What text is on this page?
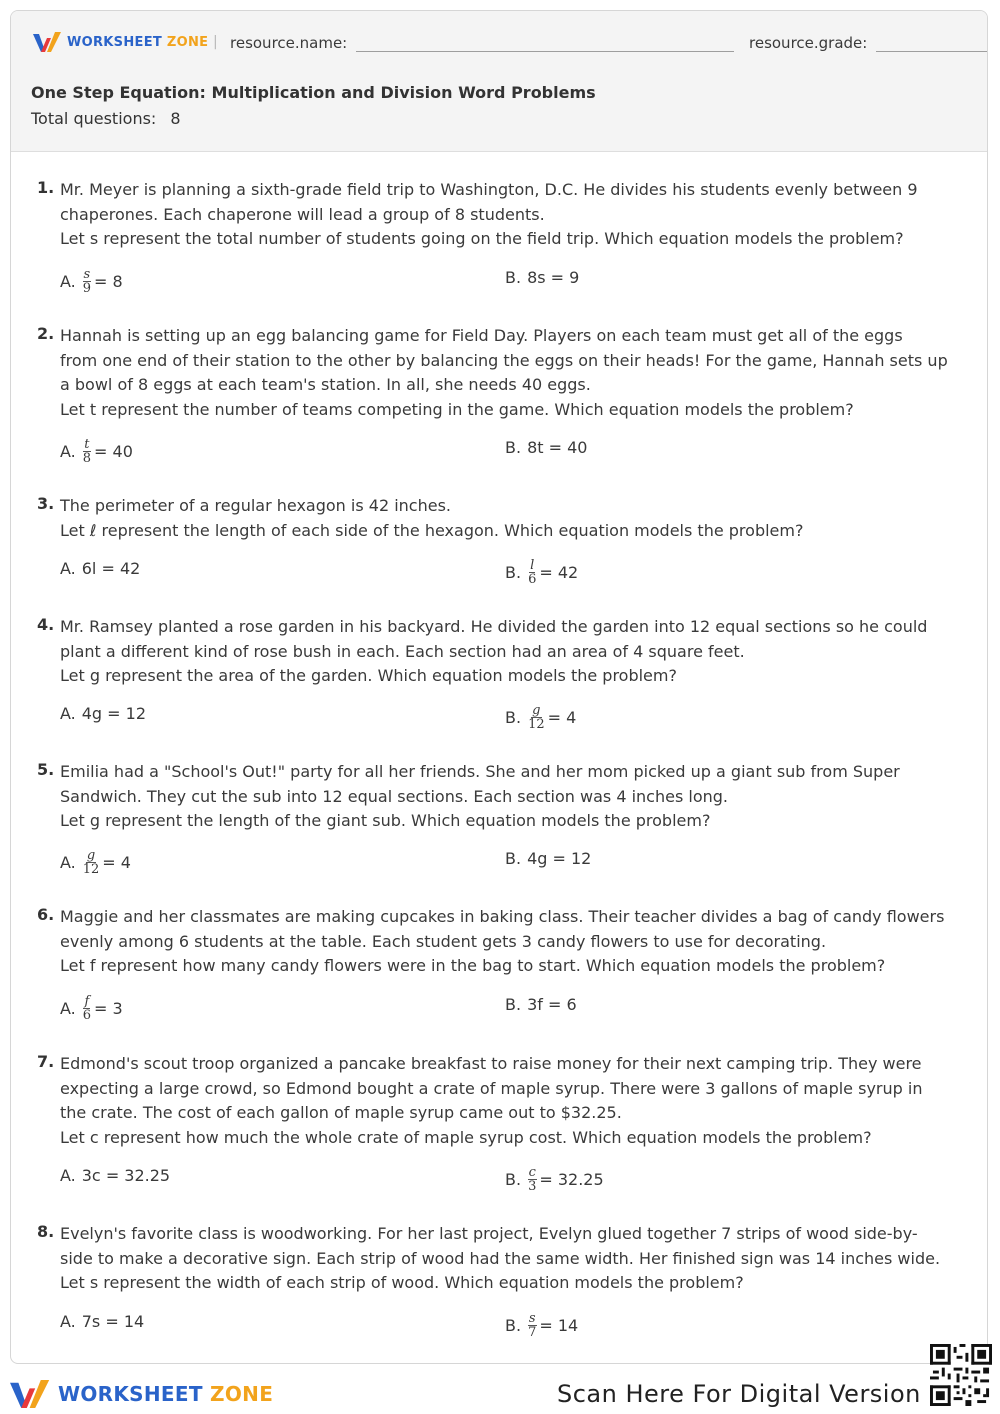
WORKSHEET ZONE | resource.name:	resource.grade:
One Step Equation: Multiplication and Division Word Problems
Total questions: 8
1. Mr. Meyer is planning a sixth-grade field trip to Washington, D.C. He divides his students evenly between 9
chaperones. Each chaperone will lead a group of 8 students.
Let s represent the total number of students going on the field trip. Which equation models the problem?
A. $\frac{s}{9} = 8$	B. 8s = 9
2. Hannah is setting up an egg balancing game for Field Day. Players on each team must get all of the eggs
from one end of their station to the other by balancing the eggs on their heads! For the game, Hannah sets up
a bowl of 8 eggs at each team's station. In all, she needs 40 eggs.
Let t represent the number of teams competing in the game. Which equation models the problem?
A. $\frac{t}{8} = 40$	B. 8t = 40
3. The perimeter of a regular hexagon is 42 inches.
Let ℓ represent the length of each side of the hexagon. Which equation models the problem?
A. 6l = 42	B. $\frac{l}{6} = 42$
4. Mr. Ramsey planted a rose garden in his backyard. He divided the garden into 12 equal sections so he could
plant a different kind of rose bush in each. Each section had an area of 4 square feet.
Let g represent the area of the garden. Which equation models the problem?
A. 4g = 12	B. $\frac{g}{12} = 4$
5. Emilia had a "School's Out!" party for all her friends. She and her mom picked up a giant sub from Super
Sandwich. They cut the sub into 12 equal sections. Each section was 4 inches long.
Let g represent the length of the giant sub. Which equation models the problem?
A. $\frac{g}{12} = 4$	B. 4g = 12
6. Maggie and her classmates are making cupcakes in baking class. Their teacher divides a bag of candy flowers
evenly among 6 students at the table. Each student gets 3 candy flowers to use for decorating.
Let f represent how many candy flowers were in the bag to start. Which equation models the problem?
A. $\frac{f}{6} = 3$	B. 3f = 6
7. Edmond's scout troop organized a pancake breakfast to raise money for their next camping trip. They were
expecting a large crowd, so Edmond bought a crate of maple syrup. There were 3 gallons of maple syrup in
the crate. The cost of each gallon of maple syrup came out to $32.25.
Let c represent how much the whole crate of maple syrup cost. Which equation models the problem?
A. 3c = 32.25	B. $\frac{c}{3} = 32.25$
8. Evelyn's favorite class is woodworking. For her last project, Evelyn glued together 7 strips of wood side-by-
side to make a decorative sign. Each strip of wood had the same width. Her finished sign was 14 inches wide.
Let s represent the width of each strip of wood. Which equation models the problem?
A. 7s = 14	B. $\frac{s}{7} = 14$
WORKSHEET ZONE	Scan Here For Digital Version
